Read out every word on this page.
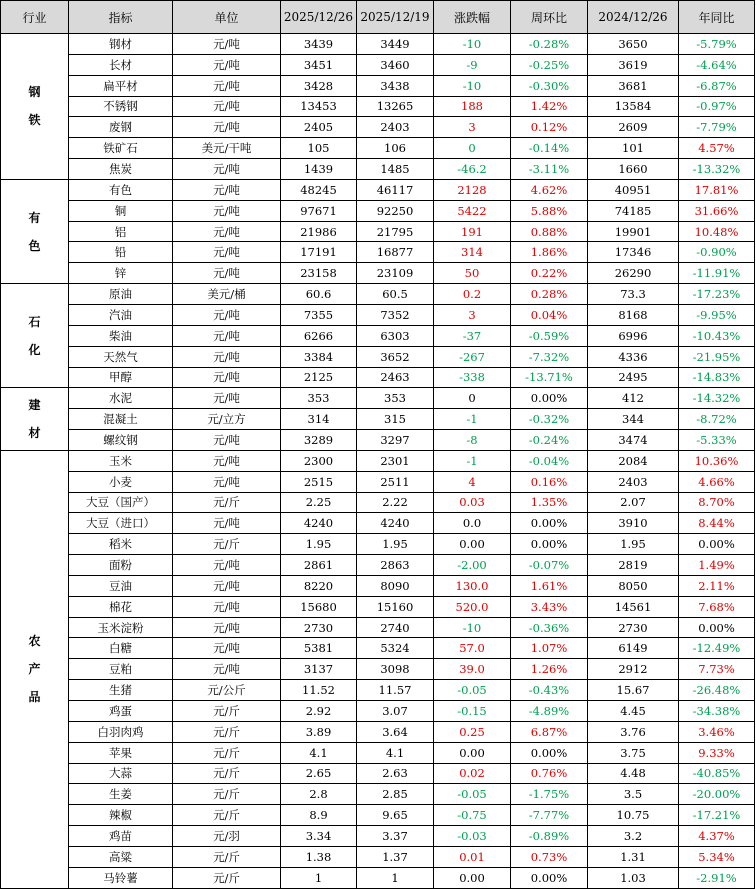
行业	指标	单位	2025/12/26	2025/12/19	涨跌幅	周环比	2024/12/26	年同比
钢
铁	钢材	元/吨	3439	3449	-10	-0.28%	3650	-5.79%
	长材	元/吨	3451	3460	-9	-0.25%	3619	-4.64%
	扁平材	元/吨	3428	3438	-10	-0.30%	3681	-6.87%
	不锈钢	元/吨	13453	13265	188	1.42%	13584	-0.97%
	废钢	元/吨	2405	2403	3	0.12%	2609	-7.79%
	铁矿石	美元/干吨	105	106	0	-0.14%	101	4.57%
	焦炭	元/吨	1439	1485	-46.2	-3.11%	1660	-13.32%
有
色	有色	元/吨	48245	46117	2128	4.62%	40951	17.81%
	铜	元/吨	97671	92250	5422	5.88%	74185	31.66%
	铝	元/吨	21986	21795	191	0.88%	19901	10.48%
	铅	元/吨	17191	16877	314	1.86%	17346	-0.90%
	锌	元/吨	23158	23109	50	0.22%	26290	-11.91%
石
化	原油	美元/桶	60.6	60.5	0.2	0.28%	73.3	-17.23%
	汽油	元/吨	7355	7352	3	0.04%	8168	-9.95%
	柴油	元/吨	6266	6303	-37	-0.59%	6996	-10.43%
	天然气	元/吨	3384	3652	-267	-7.32%	4336	-21.95%
	甲醇	元/吨	2125	2463	-338	-13.71%	2495	-14.83%
建
材	水泥	元/吨	353	353	0	0.00%	412	-14.32%
	混凝土	元/立方	314	315	-1	-0.32%	344	-8.72%
	螺纹钢	元/吨	3289	3297	-8	-0.24%	3474	-5.33%
农
产
品	玉米	元/吨	2300	2301	-1	-0.04%	2084	10.36%
	小麦	元/吨	2515	2511	4	0.16%	2403	4.66%
	大豆（国产）	元/斤	2.25	2.22	0.03	1.35%	2.07	8.70%
	大豆（进口）	元/吨	4240	4240	0.0	0.00%	3910	8.44%
	稻米	元/斤	1.95	1.95	0.00	0.00%	1.95	0.00%
	面粉	元/吨	2861	2863	-2.00	-0.07%	2819	1.49%
	豆油	元/吨	8220	8090	130.0	1.61%	8050	2.11%
	棉花	元/吨	15680	15160	520.0	3.43%	14561	7.68%
	玉米淀粉	元/吨	2730	2740	-10	-0.36%	2730	0.00%
	白糖	元/吨	5381	5324	57.0	1.07%	6149	-12.49%
	豆粕	元/吨	3137	3098	39.0	1.26%	2912	7.73%
	生猪	元/公斤	11.52	11.57	-0.05	-0.43%	15.67	-26.48%
	鸡蛋	元/斤	2.92	3.07	-0.15	-4.89%	4.45	-34.38%
	白羽肉鸡	元/斤	3.89	3.64	0.25	6.87%	3.76	3.46%
	苹果	元/斤	4.1	4.1	0.00	0.00%	3.75	9.33%
	大蒜	元/斤	2.65	2.63	0.02	0.76%	4.48	-40.85%
	生姜	元/斤	2.8	2.85	-0.05	-1.75%	3.5	-20.00%
	辣椒	元/斤	8.9	9.65	-0.75	-7.77%	10.75	-17.21%
	鸡苗	元/羽	3.34	3.37	-0.03	-0.89%	3.2	4.37%
	高粱	元/斤	1.38	1.37	0.01	0.73%	1.31	5.34%
	马铃薯	元/斤	1	1	0.00	0.00%	1.03	-2.91%
